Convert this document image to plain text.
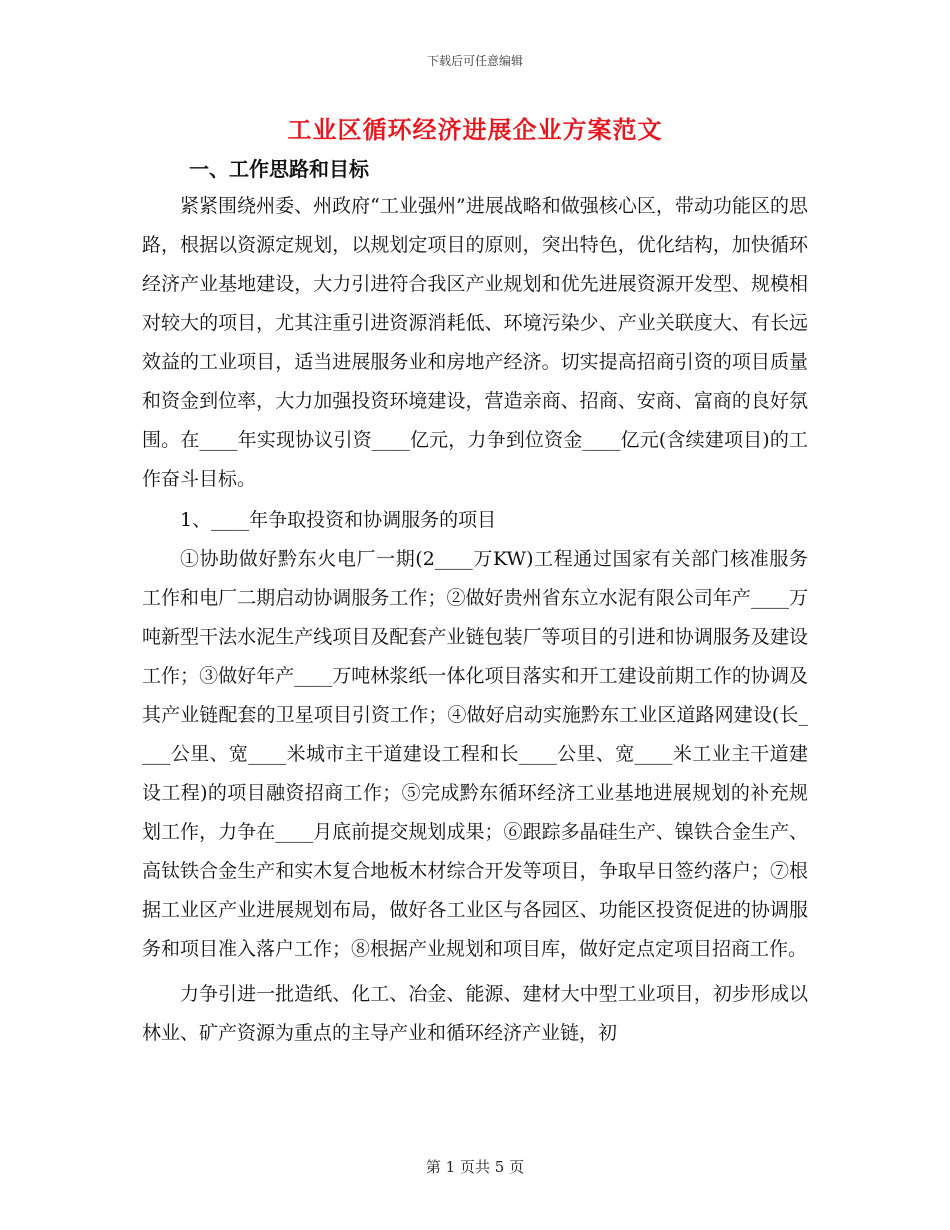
下载后可任意编辑
工业区循环经济进展企业方案范文
一、工作思路和目标

紧紧围绕州委、州政府“工业强州”进展战略和做强核心区，带动功能区的思路，根据以资源定规划，以规划定项目的原则，突出特色，优化结构，加快循环经济产业基地建设，大力引进符合我区产业规划和优先进展资源开发型、规模相对较大的项目，尤其注重引进资源消耗低、环境污染少、产业关联度大、有长远效益的工业项目，适当进展服务业和房地产经济。切实提高招商引资的项目质量和资金到位率，大力加强投资环境建设，营造亲商、招商、安商、富商的良好氛围。在____年实现协议引资____亿元，力争到位资金____亿元(含续建项目)的工作奋斗目标。

1、____年争取投资和协调服务的项目

①协助做好黔东火电厂一期(2____万KW)工程通过国家有关部门核准服务工作和电厂二期启动协调服务工作；②做好贵州省东立水泥有限公司年产____万吨新型干法水泥生产线项目及配套产业链包装厂等项目的引进和协调服务及建设工作；③做好年产____万吨林浆纸一体化项目落实和开工建设前期工作的协调及其产业链配套的卫星项目引资工作；④做好启动实施黔东工业区道路网建设(长____公里、宽____米城市主干道建设工程和长____公里、宽____米工业主干道建设工程)的项目融资招商工作；⑤完成黔东循环经济工业基地进展规划的补充规划工作，力争在____月底前提交规划成果；⑥跟踪多晶硅生产、镍铁合金生产、高钛铁合金生产和实木复合地板木材综合开发等项目，争取早日签约落户；⑦根据工业区产业进展规划布局，做好各工业区与各园区、功能区投资促进的协调服务和项目准入落户工作；⑧根据产业规划和项目库，做好定点定项目招商工作。

力争引进一批造纸、化工、冶金、能源、建材大中型工业项目，初步形成以林业、矿产资源为重点的主导产业和循环经济产业链，初

第 1 页共 5 页
